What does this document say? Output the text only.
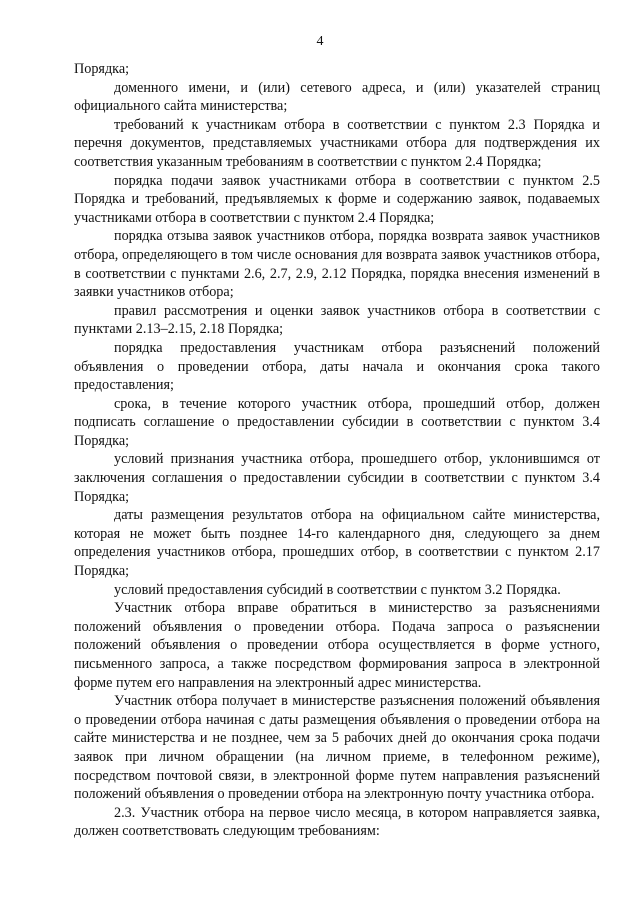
4

Порядка;

доменного имени, и (или) сетевого адреса, и (или) указателей страниц официального сайта министерства;

требований к участникам отбора в соответствии с пунктом 2.3 Порядка и перечня документов, представляемых участниками отбора для подтверждения их соответствия указанным требованиям в соответствии с пунктом 2.4 Порядка;

порядка подачи заявок участниками отбора в соответствии с пунктом 2.5 Порядка и требований, предъявляемых к форме и содержанию заявок, подаваемых участниками отбора в соответствии с пунктом 2.4 Порядка;

порядка отзыва заявок участников отбора, порядка возврата заявок участников отбора, определяющего в том числе основания для возврата заявок участников отбора, в соответствии с пунктами 2.6, 2.7, 2.9, 2.12 Порядка, порядка внесения изменений в заявки участников отбора;

правил рассмотрения и оценки заявок участников отбора в соответствии с пунктами 2.13–2.15, 2.18 Порядка;

порядка предоставления участникам отбора разъяснений положений объявления о проведении отбора, даты начала и окончания срока такого предоставления;

срока, в течение которого участник отбора, прошедший отбор, должен подписать соглашение о предоставлении субсидии в соответствии с пунктом 3.4 Порядка;

условий признания участника отбора, прошедшего отбор, уклонившимся от заключения соглашения о предоставлении субсидии в соответствии с пунктом 3.4 Порядка;

даты размещения результатов отбора на официальном сайте министерства, которая не может быть позднее 14-го календарного дня, следующего за днем определения участников отбора, прошедших отбор, в соответствии с пунктом 2.17 Порядка;

условий предоставления субсидий в соответствии с пунктом 3.2 Порядка.

Участник отбора вправе обратиться в министерство за разъяснениями положений объявления о проведении отбора. Подача запроса о разъяснении положений объявления о проведении отбора осуществляется в форме устного, письменного запроса, а также посредством формирования запроса в электронной форме путем его направления на электронный адрес министерства.

Участник отбора получает в министерстве разъяснения положений объявления о проведении отбора начиная с даты размещения объявления о проведении отбора на сайте министерства и не позднее, чем за 5 рабочих дней до окончания срока подачи заявок при личном обращении (на личном приеме, в телефонном режиме), посредством почтовой связи, в электронной форме путем направления разъяснений положений объявления о проведении отбора на электронную почту участника отбора.

2.3. Участник отбора на первое число месяца, в котором направляется заявка, должен соответствовать следующим требованиям:
